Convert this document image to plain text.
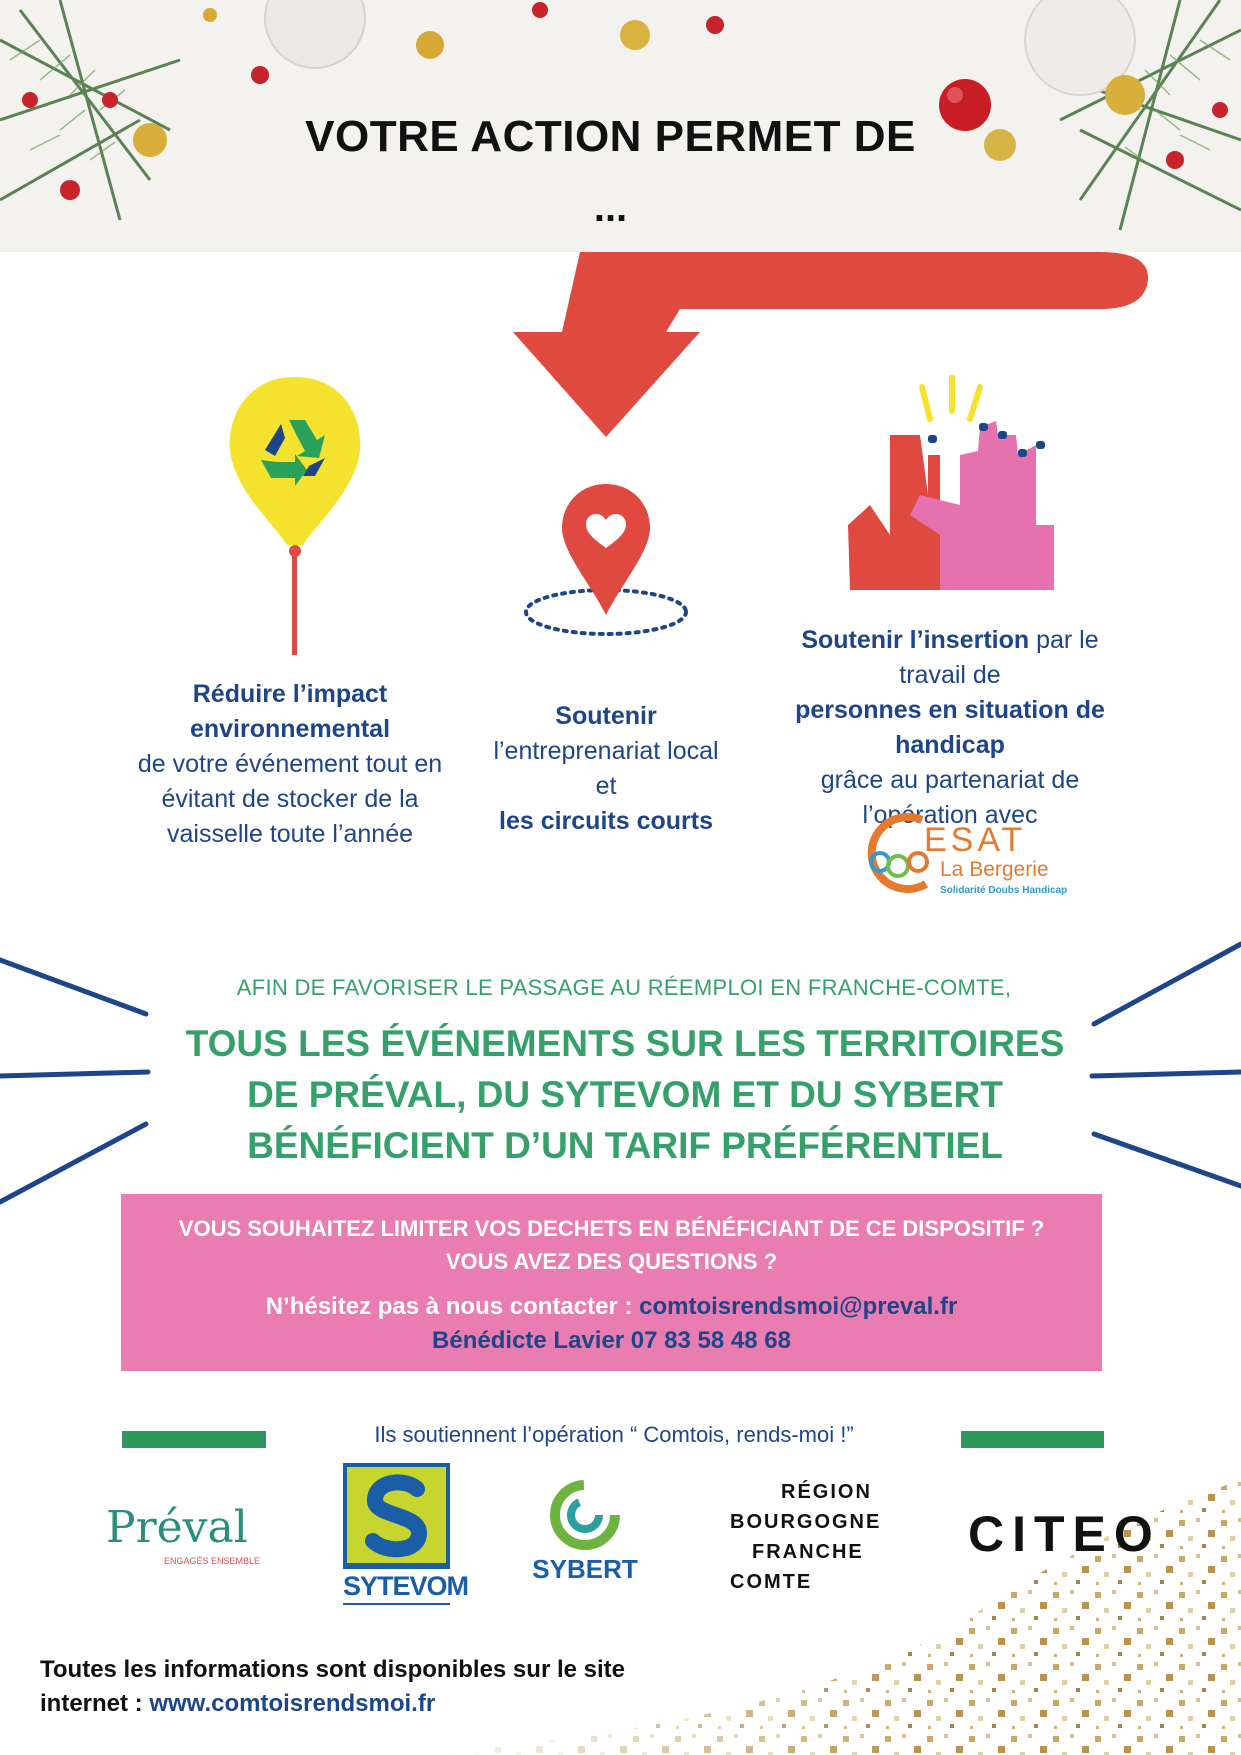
VOTRE ACTION PERMET DE
...
Réduire l’impact environnemental
de votre événement tout en évitant de stocker de la vaisselle toute l’année
Soutenir
l’entreprenariat local et
les circuits courts
Soutenir l’insertion par le travail de
personnes en situation de handicap
grâce au partenariat de l’opération avec
ESAT
La Bergerie
Solidarité Doubs Handicap
AFIN DE FAVORISER LE PASSAGE AU RÉEMPLOI EN FRANCHE-COMTE,
TOUS LES ÉVÉNEMENTS SUR LES TERRITOIRES
DE PRÉVAL, DU SYTEVOM ET DU SYBERT
BÉNÉFICIENT D’UN TARIF PRÉFÉRENTIEL
VOUS SOUHAITEZ LIMITER VOS DECHETS EN BÉNÉFICIANT DE CE DISPOSITIF ?
VOUS AVEZ DES QUESTIONS ?
N’hésitez pas à nous contacter : comtoisrendsmoi@preval.fr
Bénédicte Lavier 07 83 58 48 68
Ils soutiennent l’opération “ Comtois, rends-moi !”
Préval
ENGAGÉS ENSEMBLE
SYTEVOM
SYBERT
RÉGION
BOURGOGNE
FRANCHE
COMTE
CITEO
Toutes les informations sont disponibles sur le site
internet : www.comtoisrendsmoi.fr
